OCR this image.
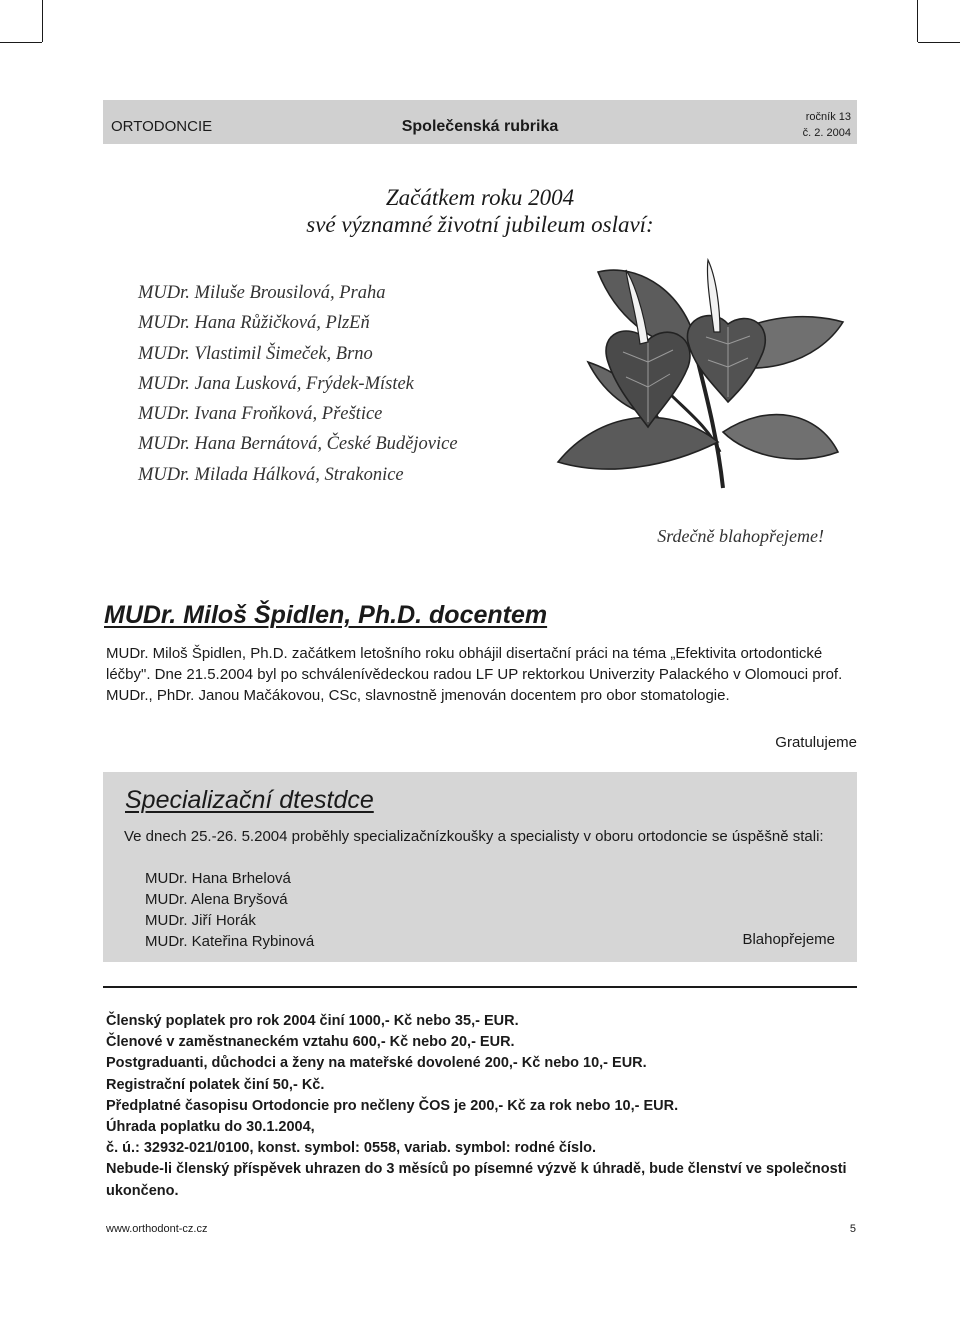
ORTODONCIE	Společenská rubrika
ročník 13
č. 2. 2004
Začátkem roku 2004
své významné životní jubileum oslaví:
MUDr. Miluše Brousilová, Praha
MUDr. Hana Růžičková, PlzEň
MUDr. Vlastimil Šimeček, Brno
MUDr. Jana Lusková, Frýdek-Místek
MUDr. Ivana Froňková, Přeštice
MUDr. Hana Bernátová, České Budějovice
MUDr. Milada Hálková, Strakonice
Srdečně blahopřejeme!
MUDr. Miloš Špidlen, Ph.D. docentem

MUDr. Miloš Špidlen, Ph.D. začátkem letošního roku obhájil disertační práci na téma „Efektivita ortodontické léčby". Dne 21.5.2004 byl po schválenívědeckou radou LF UP rektorkou Univerzity Palackého v Olomouci prof. MUDr., PhDr. Janou Mačákovou, CSc, slavnostně jmenován docentem pro obor stomatologie.

Gratulujeme
Specializační dtestdce

Ve dnech 25.-26. 5.2004 proběhly specializačnízkoušky a specialisty v oboru ortodoncie se úspěšně stali:

MUDr. Hana Brhelová
MUDr. Alena Bryšová
MUDr. Jiří Horák
MUDr. Kateřina Rybinová	Blahopřejeme
Členský poplatek pro rok 2004 činí 1000,- Kč nebo 35,- EUR.
Členové v zaměstnaneckém vztahu 600,- Kč nebo 20,- EUR.
Postgraduanti, důchodci a ženy na mateřské dovolené 200,- Kč nebo 10,- EUR.
Registrační polatek činí 50,- Kč.
Předplatné časopisu Ortodoncie pro nečleny ČOS je 200,- Kč za rok nebo 10,- EUR.
Úhrada poplatku do 30.1.2004,
č. ú.: 32932-021/0100, konst. symbol: 0558, variab. symbol: rodné číslo.
Nebude-li členský příspěvek uhrazen do 3 měsíců po písemné výzvě k úhradě, bude členství ve společnosti ukončeno.
www.orthodont-cz.cz	5
